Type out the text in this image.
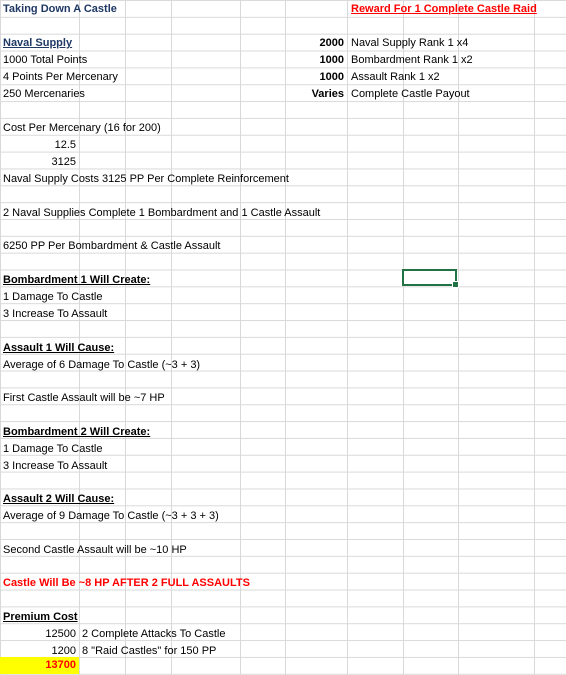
Taking Down A Castle	Reward For 1 Complete Castle Raid
Naval Supply
1000 Total Points
4 Points Per Mercenary
250 Mercenaries
2000 Naval Supply Rank 1 x4
1000 Bombardment Rank 1 x2
1000 Assault Rank 1 x2
Varies Complete Castle Payout
Cost Per Mercenary (16 for 200)
12.5
3125
Naval Supply Costs 3125 PP Per Complete Reinforcement
2 Naval Supplies Complete 1 Bombardment and 1 Castle Assault
6250 PP Per Bombardment & Castle Assault
Bombardment 1 Will Create:
1 Damage To Castle
3 Increase To Assault
Assault 1 Will Cause:
Average of 6 Damage To Castle (~3 + 3)
First Castle Assault will be ~7 HP
Bombardment 2 Will Create:
1 Damage To Castle
3 Increase To Assault
Assault 2 Will Cause:
Average of 9 Damage To Castle (~3 + 3 + 3)
Second Castle Assault will be ~10 HP
Castle Will Be ~8 HP AFTER 2 FULL ASSAULTS
Premium Cost
12500 2 Complete Attacks To Castle
1200 8 "Raid Castles" for 150 PP
13700
